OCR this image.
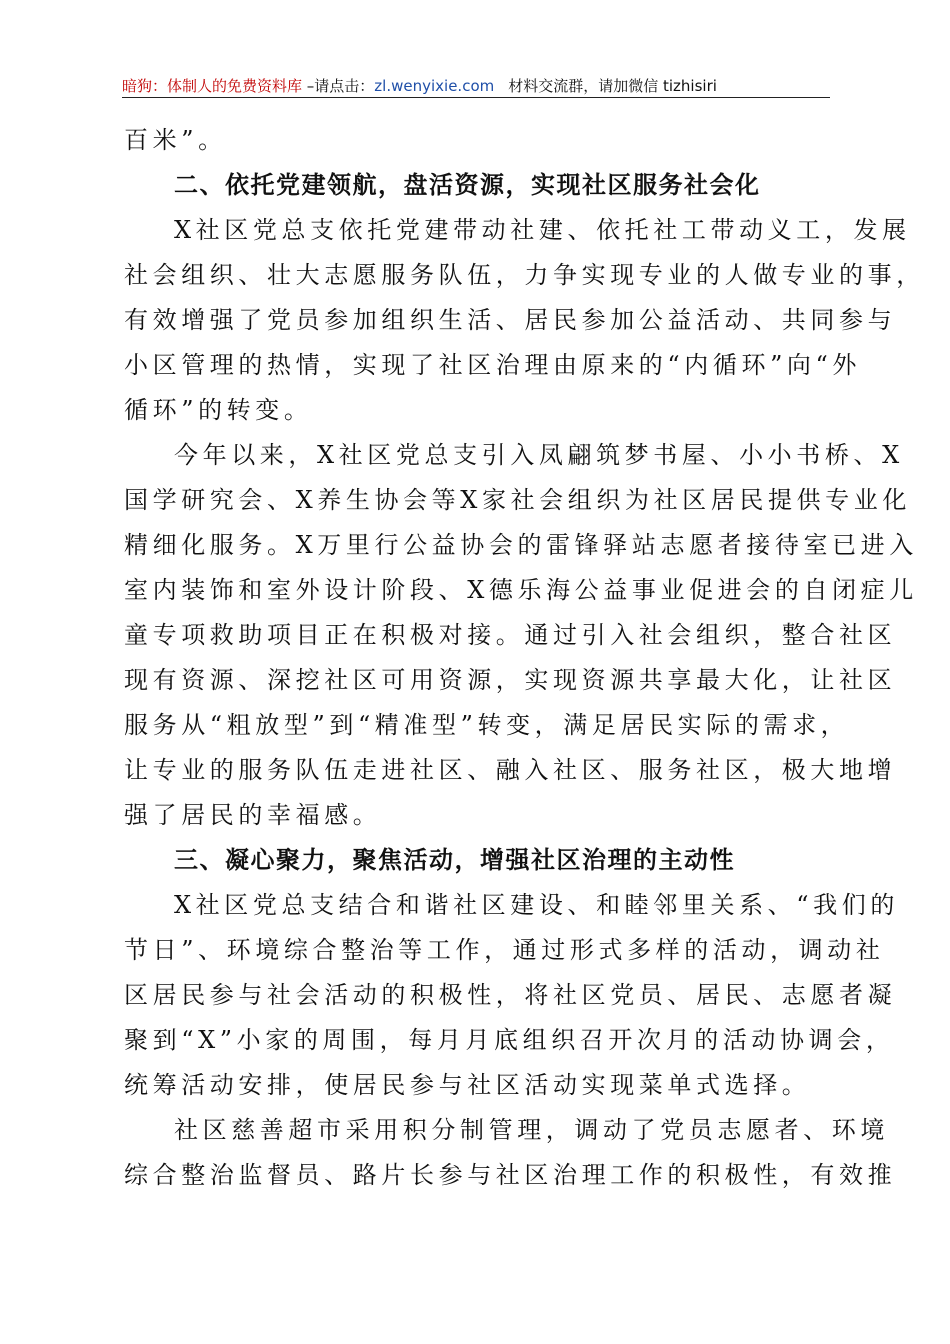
暗狗：体制人的免费资料库 –请点击：zl.wenyixie.com 材料交流群，请加微信 tizhisiri
百米”。
二、依托党建领航，盘活资源，实现社区服务社会化
X社区党总支依托党建带动社建、依托社工带动义工，发展
社会组织、壮大志愿服务队伍，力争实现专业的人做专业的事，
有效增强了党员参加组织生活、居民参加公益活动、共同参与
小区管理的热情，实现了社区治理由原来的“内循环”向“外
循环”的转变。
今年以来，X社区党总支引入凤翩筑梦书屋、小小书桥、X
国学研究会、X养生协会等X家社会组织为社区居民提供专业化
精细化服务。X万里行公益协会的雷锋驿站志愿者接待室已进入
室内装饰和室外设计阶段、X德乐海公益事业促进会的自闭症儿
童专项救助项目正在积极对接。通过引入社会组织，整合社区
现有资源、深挖社区可用资源，实现资源共享最大化，让社区
服务从“粗放型”到“精准型”转变，满足居民实际的需求，
让专业的服务队伍走进社区、融入社区、服务社区，极大地增
强了居民的幸福感。
三、凝心聚力，聚焦活动，增强社区治理的主动性
X社区党总支结合和谐社区建设、和睦邻里关系、“我们的
节日”、环境综合整治等工作，通过形式多样的活动，调动社
区居民参与社会活动的积极性，将社区党员、居民、志愿者凝
聚到“X”小家的周围，每月月底组织召开次月的活动协调会，
统筹活动安排，使居民参与社区活动实现菜单式选择。
社区慈善超市采用积分制管理，调动了党员志愿者、环境
综合整治监督员、路片长参与社区治理工作的积极性，有效推
